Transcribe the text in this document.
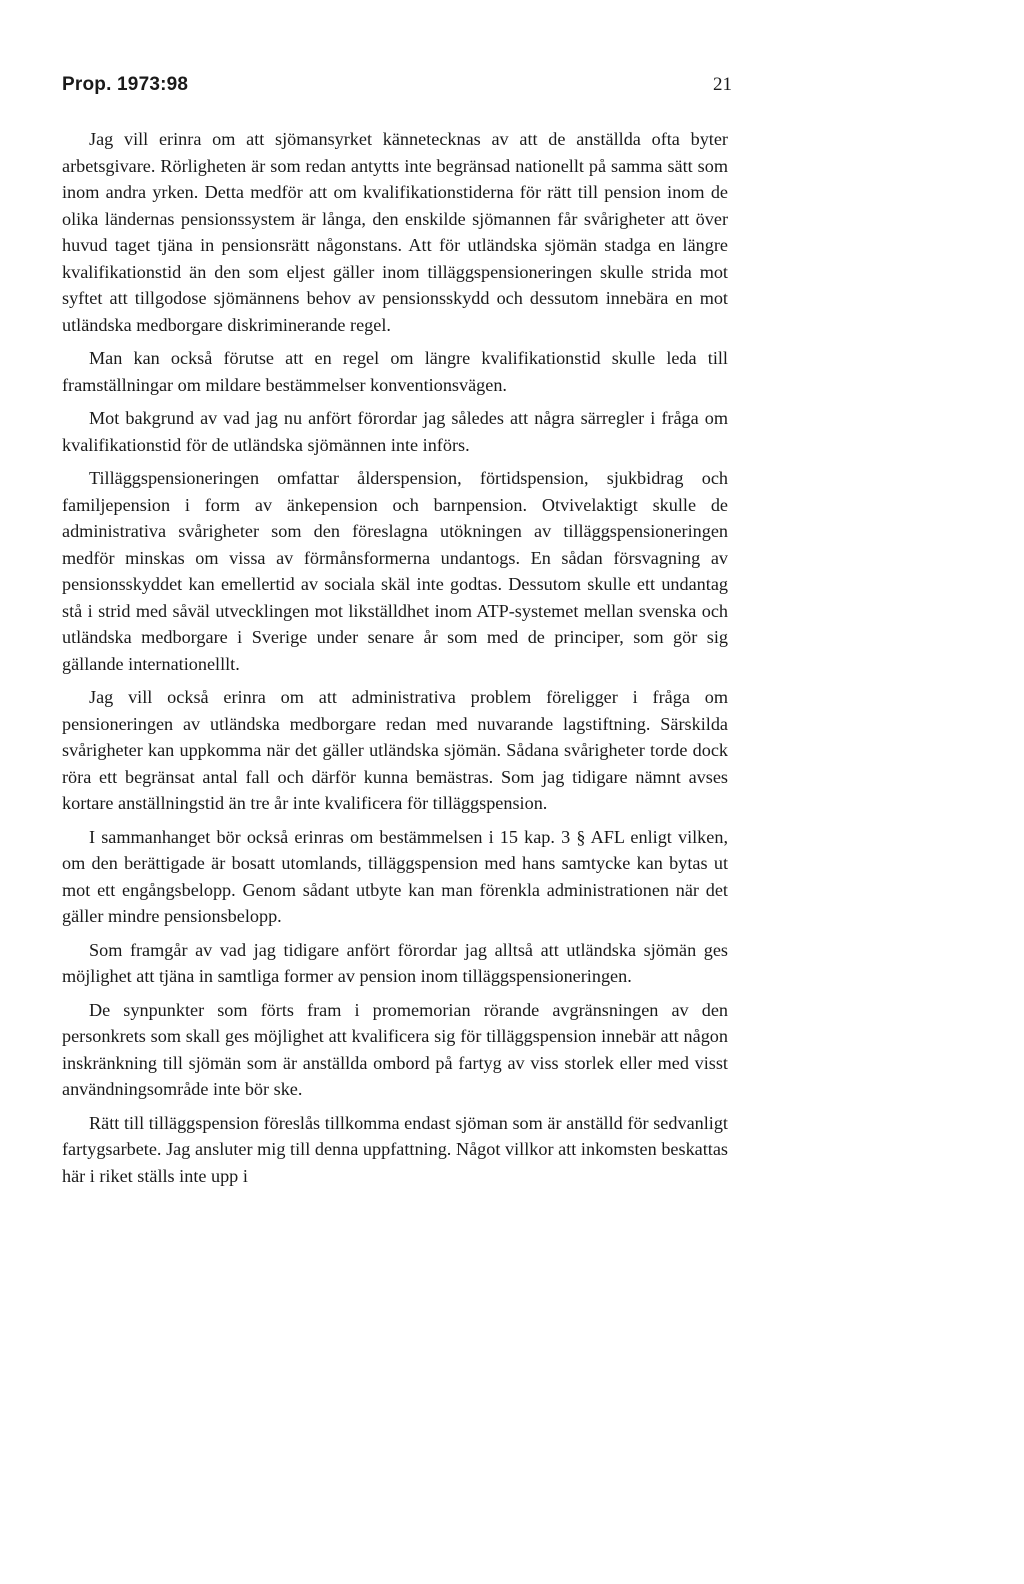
Prop. 1973:98	21

Jag vill erinra om att sjömansyrket kännetecknas av att de anställda ofta byter arbetsgivare. Rörligheten är som redan antytts inte begränsad nationellt på samma sätt som inom andra yrken. Detta medför att om kvalifikationstiderna för rätt till pension inom de olika ländernas pensionssystem är långa, den enskilde sjömannen får svårigheter att över huvud taget tjäna in pensionsrätt någonstans. Att för utländska sjömän stadga en längre kvalifikationstid än den som eljest gäller inom tilläggspensioneringen skulle strida mot syftet att tillgodose sjömännens behov av pensionsskydd och dessutom innebära en mot utländska medborgare diskriminerande regel.

Man kan också förutse att en regel om längre kvalifikationstid skulle leda till framställningar om mildare bestämmelser konventionsvägen.

Mot bakgrund av vad jag nu anfört förordar jag således att några särregler i fråga om kvalifikationstid för de utländska sjömännen inte införs.

Tilläggspensioneringen omfattar ålderspension, förtidspension, sjukbidrag och familjepension i form av änkepension och barnpension. Otvivelaktigt skulle de administrativa svårigheter som den föreslagna utökningen av tilläggspensioneringen medför minskas om vissa av förmånsformerna undantogs. En sådan försvagning av pensionsskyddet kan emellertid av sociala skäl inte godtas. Dessutom skulle ett undantag stå i strid med såväl utvecklingen mot likställdhet inom ATP-systemet mellan svenska och utländska medborgare i Sverige under senare år som med de principer, som gör sig gällande internationelllt.

Jag vill också erinra om att administrativa problem föreligger i fråga om pensioneringen av utländska medborgare redan med nuvarande lagstiftning. Särskilda svårigheter kan uppkomma när det gäller utländska sjömän. Sådana svårigheter torde dock röra ett begränsat antal fall och därför kunna bemästras. Som jag tidigare nämnt avses kortare anställningstid än tre år inte kvalificera för tilläggspension.

I sammanhanget bör också erinras om bestämmelsen i 15 kap. 3 § AFL enligt vilken, om den berättigade är bosatt utomlands, tilläggspension med hans samtycke kan bytas ut mot ett engångsbelopp. Genom sådant utbyte kan man förenkla administrationen när det gäller mindre pensionsbelopp.

Som framgår av vad jag tidigare anfört förordar jag alltså att utländska sjömän ges möjlighet att tjäna in samtliga former av pension inom tilläggspensioneringen.

De synpunkter som förts fram i promemorian rörande avgränsningen av den personkrets som skall ges möjlighet att kvalificera sig för tilläggspension innebär att någon inskränkning till sjömän som är anställda ombord på fartyg av viss storlek eller med visst användningsområde inte bör ske.

Rätt till tilläggspension föreslås tillkomma endast sjöman som är anställd för sedvanligt fartygsarbete. Jag ansluter mig till denna uppfattning. Något villkor att inkomsten beskattas här i riket ställs inte upp i
